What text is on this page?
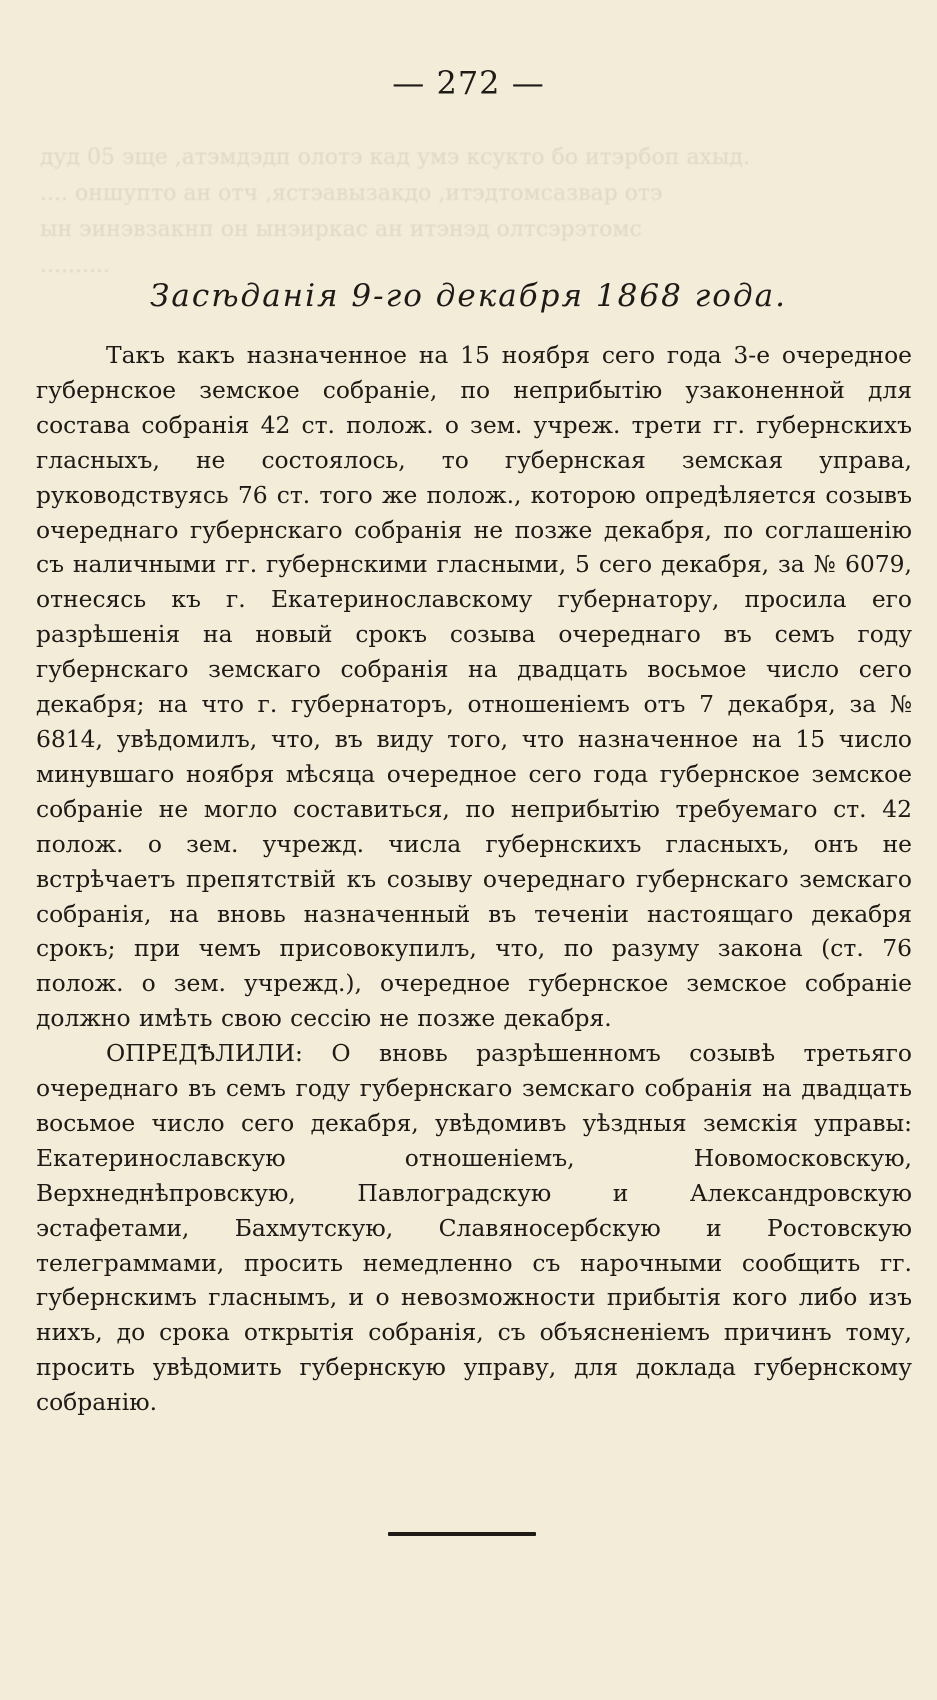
.дуд 05 эще ,атэмдэдп олотэ кад умэ ксукто бо итэрбоп ахыд
оншупто ан отч ,ястэавызакдо ,итэдтомсазвар отэ ....
ын эинэвзакнп он ынэиркас ан итэнэд олтсэрэтомс
..........
— 272 —
Засѣданія 9-го декабря 1868 года.

Такъ какъ назначенное на 15 ноября сего года 3-е очередное губернское земское собраніе, по неприбытію узаконенной для состава собранія 42 ст. полож. о зем. учреж. трети гг. губернскихъ гласныхъ, не состоялось, то губернская земская управа, руководствуясь 76 ст. того же полож., которою опредѣляется созывъ очереднаго губернскаго собранія не позже декабря, по соглашенію съ наличными гг. губернскими гласными, 5 сего декабря, за № 6079, отнесясь къ г. Екатеринославскому губернатору, просила его разрѣшенія на новый срокъ созыва очереднаго въ семъ году губернскаго земскаго собранія на двадцать восьмое число сего декабря; на что г. губернаторъ, отношеніемъ отъ 7 декабря, за № 6814, увѣдомилъ, что, въ виду того, что назначенное на 15 число минувшаго ноября мѣсяца очередное сего года губернское земское собраніе не могло составиться, по неприбытію требуемаго ст. 42 полож. о зем. учрежд. числа губернскихъ гласныхъ, онъ не встрѣчаетъ препятствій къ созыву очереднаго губернскаго земскаго собранія, на вновь назначенный въ теченіи настоящаго декабря срокъ; при чемъ присовокупилъ, что, по разуму закона (ст. 76 полож. о зем. учрежд.), очередное губернское земское собраніе должно имѣть свою сессію не позже декабря.

ОПРЕДѢЛИЛИ: О вновь разрѣшенномъ созывѣ третьяго очереднаго въ семъ году губернскаго земскаго собранія на двадцать восьмое число сего декабря, увѣдомивъ уѣздныя земскія управы: Екатеринославскую отношеніемъ, Новомосковскую, Верхнеднѣпровскую, Павлоградскую и Александровскую эстафетами, Бахмутскую, Славяносербскую и Ростовскую телеграммами, просить немедленно съ нарочными сообщить гг. губернскимъ гласнымъ, и о невозможности прибытія кого либо изъ нихъ, до срока открытія собранія, съ объясненіемъ причинъ тому, просить увѣдомить губернскую управу, для доклада губернскому собранію.
